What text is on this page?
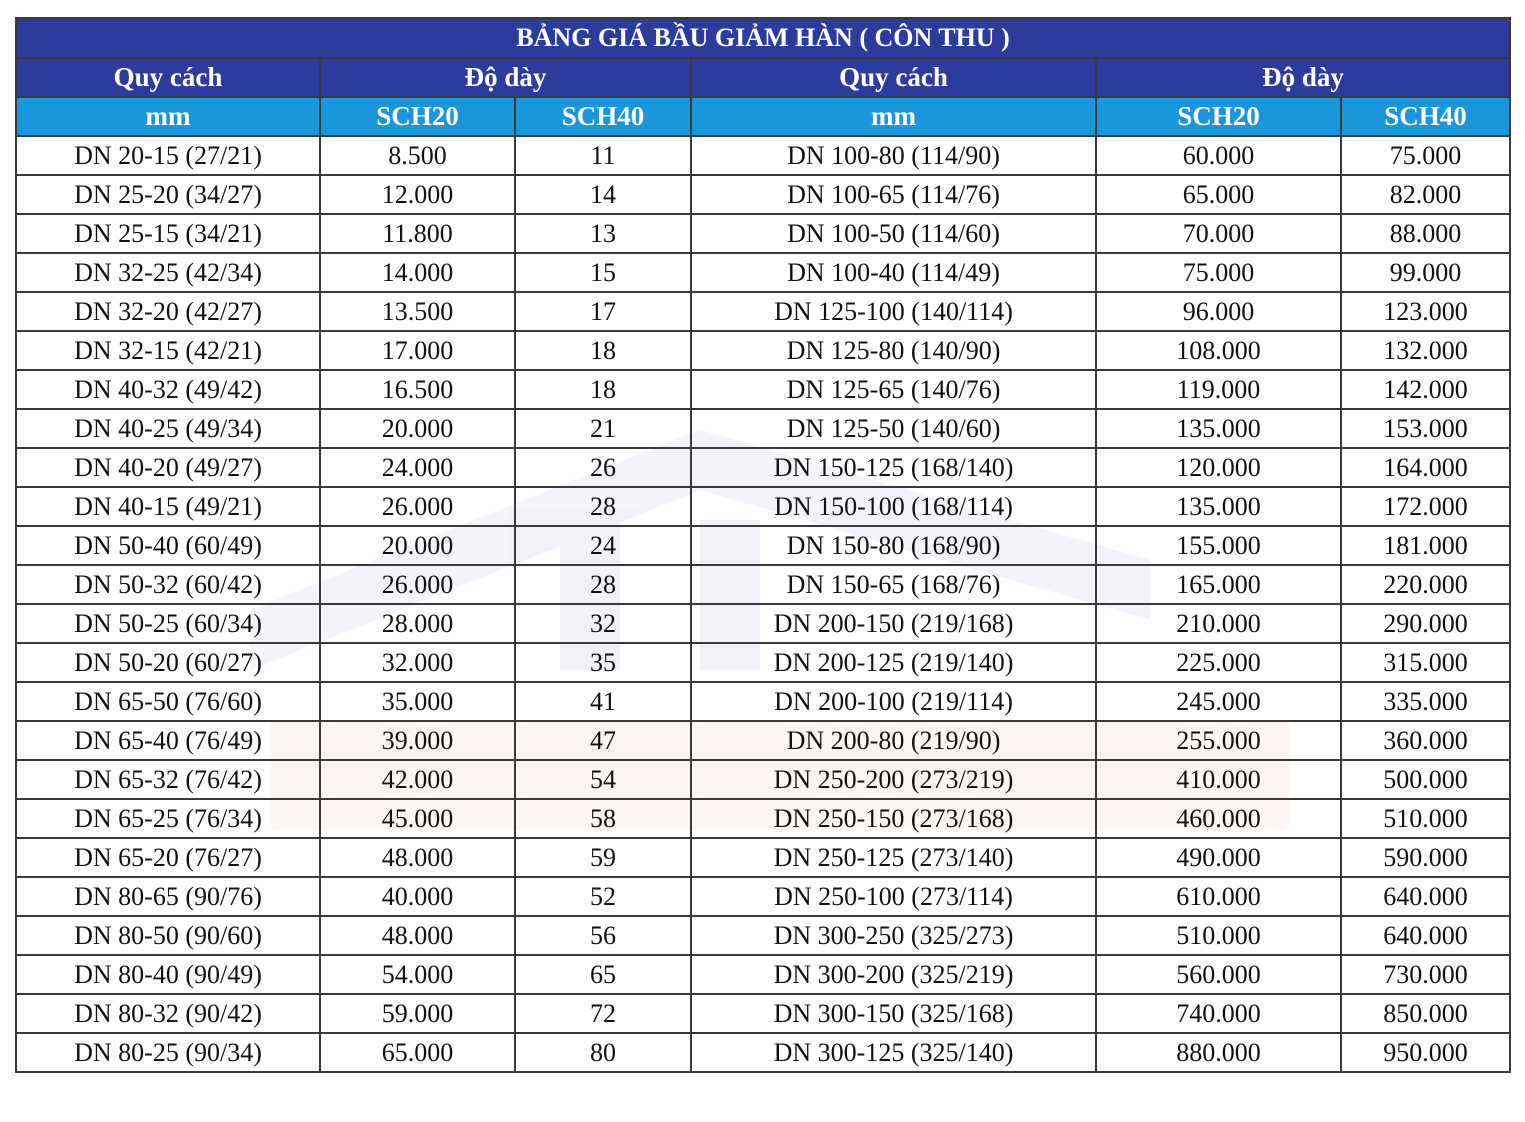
BẢNG GIÁ BẦU GIẢM HÀN ( CÔN THU )					
Quy cách	Độ dày		Quy cách	Độ dày	
mm	SCH20	SCH40	mm	SCH20	SCH40
DN 20-15 (27/21)	8.500	11	DN 100-80 (114/90)	60.000	75.000
DN 25-20 (34/27)	12.000	14	DN 100-65 (114/76)	65.000	82.000
DN 25-15 (34/21)	11.800	13	DN 100-50 (114/60)	70.000	88.000
DN 32-25 (42/34)	14.000	15	DN 100-40 (114/49)	75.000	99.000
DN 32-20 (42/27)	13.500	17	DN 125-100 (140/114)	96.000	123.000
DN 32-15 (42/21)	17.000	18	DN 125-80 (140/90)	108.000	132.000
DN 40-32 (49/42)	16.500	18	DN 125-65 (140/76)	119.000	142.000
DN 40-25 (49/34)	20.000	21	DN 125-50 (140/60)	135.000	153.000
DN 40-20 (49/27)	24.000	26	DN 150-125 (168/140)	120.000	164.000
DN 40-15 (49/21)	26.000	28	DN 150-100 (168/114)	135.000	172.000
DN 50-40 (60/49)	20.000	24	DN 150-80 (168/90)	155.000	181.000
DN 50-32 (60/42)	26.000	28	DN 150-65 (168/76)	165.000	220.000
DN 50-25 (60/34)	28.000	32	DN 200-150 (219/168)	210.000	290.000
DN 50-20 (60/27)	32.000	35	DN 200-125 (219/140)	225.000	315.000
DN 65-50 (76/60)	35.000	41	DN 200-100 (219/114)	245.000	335.000
DN 65-40 (76/49)	39.000	47	DN 200-80 (219/90)	255.000	360.000
DN 65-32 (76/42)	42.000	54	DN 250-200 (273/219)	410.000	500.000
DN 65-25 (76/34)	45.000	58	DN 250-150 (273/168)	460.000	510.000
DN 65-20 (76/27)	48.000	59	DN 250-125 (273/140)	490.000	590.000
DN 80-65 (90/76)	40.000	52	DN 250-100 (273/114)	610.000	640.000
DN 80-50 (90/60)	48.000	56	DN 300-250 (325/273)	510.000	640.000
DN 80-40 (90/49)	54.000	65	DN 300-200 (325/219)	560.000	730.000
DN 80-32 (90/42)	59.000	72	DN 300-150 (325/168)	740.000	850.000
DN 80-25 (90/34)	65.000	80	DN 300-125 (325/140)	880.000	950.000
